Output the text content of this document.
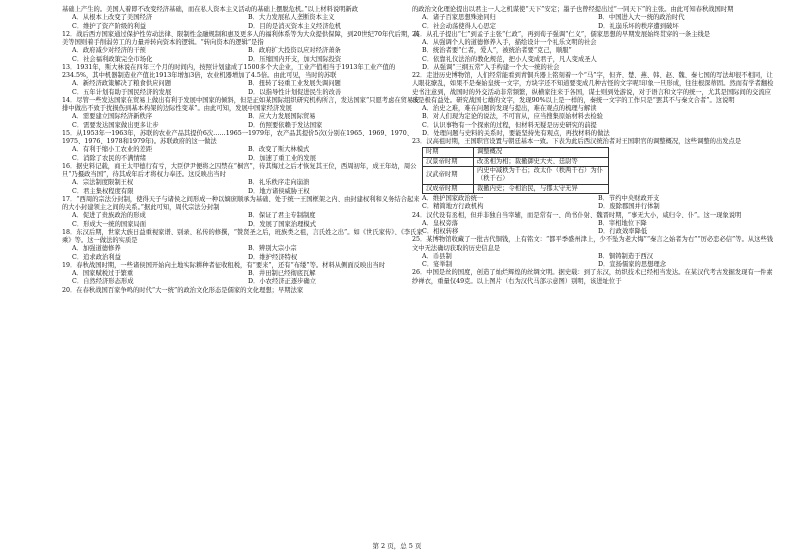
基础上产生的。美国人着即不改变经济基础，而在私人资本主义活动的基础上摆脱危机。”以上材料说明新政
A．从根本上改变了美国经济	B．大力发展私人垄断资本主义
C．维护了资产阶级的利益	D．目的是消灭资本主义经济危机
12．战后西方国家通过保护性劳动法律、限制性金融规制和惠及更多人的福利体系等为大众提供保障，到20世纪70年代后期，英美等国则着手削弱劳工的力量并转向资本的逻辑。“转向资本的逻辑”是指
A．政府减少对经济的干预	B．政府扩大投资以应对经济萧条
C．社会福利政策完全市场化	D．压缩国内开支，加大国际投资
13．1931年，斯大林说在四年三个月的时间内，按照计划建成了1500多个大企业，工业产值相当于1913年工业产值的234.5%，其中机器制造业产值比1913年增加3倍，农业机器增加了4.5倍。由此可见，当时的苏联
A．新经济政策解决了粮食供应问题	B．扭转了轻重工业发展失调问题
C．五年计划有助于国民经济的发展	D．以指导性计划促进民生的改善
14．尽管一些发达国家在贸易上做出有利于发展中国家的倾斜，但是正如某国际组织研究机构所言，发达国家“只愿考虑在贸易安排中做出不致于扰损伤到基本构架的边际性变革”。由此可知，发展中国家经济发展
A．需要建立国际经济新秩序	B．应大力发展国际贸易
C．需要发达国家做出更多让步	D．仿照要依赖于发达国家
15．从1953年一1963年，苏联的农业产品其提价6次……1965一1979年，农产品其提价5次(分别在1965、1969、1970、1975、1976、1978和1979年)。苏联政府的这一做法
A．有利于缩小工农业的差距	B．改变了斯大林模式
C．消除了农民的不满情绪	D．加速了重工业的发展
16．据史料记载，商王太甲德行有亏，大臣伊尹便将之囚禁在“桐宫”，待其悔过之后才恢复其王位，西周初年，成王年幼，周公旦“乃摄政当国”，待其成年后才将权力奉还。这反映出当时
A．宗法制度限制王权	B．礼乐秩序走向崩溃
C．君主集权程度有限	D．地方诸侯威胁王权
17．“西周的宗法分封制，使得天子与诸侯之间形成一种以嫡庶顺承为基础、处于统一王国框架之内、由封建权利和义务结合起来的大小封建领主之间的关系。”据此可知，周代宗法分封制
A．促进了贵族政治的形成	B．保证了君主专制制度
C．形成大一统的国家局面	D．发展了国家治理模式
18．东汉后期，世家大族日益重视家谱、别录、私传的修撰，“赞贤圣之后，班族类之祖，言氏姓之出”。如《世氏家传》、《李氏家乘》等。这一做法的实质是
A．加强道德修养	B．辨别大宗小宗
C．追求政治利益	D．维护经济特权
19．春秋战国时期，一些诸侯国开始向土地实际耕种者征收租税，有“要来”，还有“布缕”等。材料从侧面反映出当时
A．国家赋税过于繁重	B．井田制已经彻底瓦解
C．自然经济形态形成	D．小农经济正逐步确立
20．在春秋战国百家争鸣的时代“大一统”的政治文化形态是儒家的文化理想；早期法家
的政治文化理论提出以君主一人之机谋使“天下”安定；墨子也曾经提出过“一同天下”的主张。由此可知春秋战国时期
A．诸子百家思想殊途同归	B．中国进入大一统的政治时代
C．社会动荡使得人心思定	D．礼崩乐坏的秩序遭到破坏
21．从孔子提出“仁”到孟子主张“仁政”，再到荀子强调“仁义”，儒家思想的早期发展始终贯穿的一条主线是
A．从强调个人的道德修养入手，描绘设计一个礼乐文明的社会
B．统治者要“仁者，爱人”，被统治者要“克己，顺服”
C．依靠礼仪法治的教化规范，把小人变成君子，凡人变成圣人
D．从强调“三纲五常”入手构建一个大一统的社会
22．走进历史博物馆，人们经常能看到青铜兵器上铭刻着一个“马”字，但齐、楚、燕、韩、赵、魏、秦七国的写法却很不相同，让人眼花缭乱，如果不是秦始皇统一文字，方块字还不知道要变成几种古怪的文字呢!印象一旦形成，往往根深蒂固。然而有学者翻检史书注意到，战国时的外交活动非常频繁，纵横家往来于各国，谋士则到处游说，对于语言和文字的统一，尤其是国际间的交流应该是极有益处。研究战国七雄的文字，发现90%以上是一样的，秦统一文字的工作只是“罢其不与秦文合者”。这说明
A．治史之难，难在问题的发现与提出，难在观点的梳理与解读
B．对人们现为定论的说法，不可盲从，应当搜集原始材料去检验
C．认识事物有一个探索的过程，但材料无疑是历史研究的前提
D．处理问题与史料的关系时，要能坚持先有观点，再找材料的做法
23．汉高祖时期，王国职官设置与朝廷基本一致。下表为此后西汉统治者对王国职官的调整概况，这些调整的出发点是
时期	调整概况
汉景帝时期	改丞相为相；裁撤御史大夫、廷尉等
汉武帝时期	内史中减秩为千石；改太仆（秩两千石）为仆（秩千石）
汉成帝时期	裁撤内史；令相治民，与郡太守无异
A．维护国家政治统一	B．节约中央财政开支
C．精简地方行政机构	D．废除郡国并行体制
24．汉代设有丞相，但并非独自当宰辅，而是常有一、尚书仆射、魏晋时期，“事无大小，咸归令、仆”。这一现象说明
A．皇权旁落	B．宰相地位下降
C．相权转移	D．行政效率降低
25．某博物馆收藏了一批古代铜钱，上有铭文：“都平季盛州津上，少不坠为老大悔”“秦言之始者为右”“厉必恋必信”等。从这些钱文中无法确切获取的历史信息是
A．币县制	B．铜铸制造于西汉
C．宴举制	D．宣扬儒家的思想理念
26．中国是丝的国度，创造了灿烂辉煌的丝绸文明。据史载：到了东汉，纺织技术已经相当发达。在某汉代考古发掘发现有一件素纱禅衣，重量仅49克。以上图片（右为汉代马部示意图）别明，该进址位于
第 2 页，总 5 页
